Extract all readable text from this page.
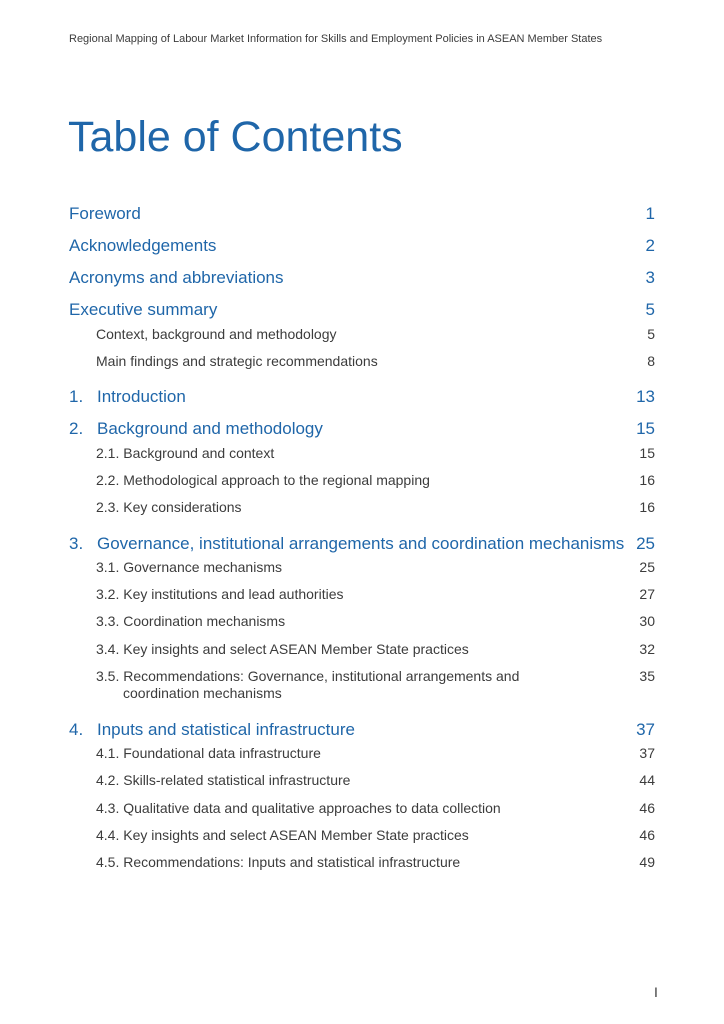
Regional Mapping of Labour Market Information for Skills and Employment Policies in ASEAN Member States
Table of Contents
Foreword	1
Acknowledgements	2
Acronyms and abbreviations	3
Executive summary	5
Context, background and methodology	5
Main findings and strategic recommendations	8
1. Introduction	13
2. Background and methodology	15
2.1. Background and context	15
2.2. Methodological approach to the regional mapping	16
2.3. Key considerations	16
3. Governance, institutional arrangements and coordination mechanisms 25
3.1. Governance mechanisms	25
3.2. Key institutions and lead authorities	27
3.3. Coordination mechanisms	30
3.4. Key insights and select ASEAN Member State practices	32
3.5. Recommendations: Governance, institutional arrangements and
coordination mechanisms
35
4. Inputs and statistical infrastructure	37
4.1. Foundational data infrastructure	37
4.2. Skills-related statistical infrastructure	44
4.3. Qualitative data and qualitative approaches to data collection	46
4.4. Key insights and select ASEAN Member State practices	46
4.5. Recommendations: Inputs and statistical infrastructure	49
I
